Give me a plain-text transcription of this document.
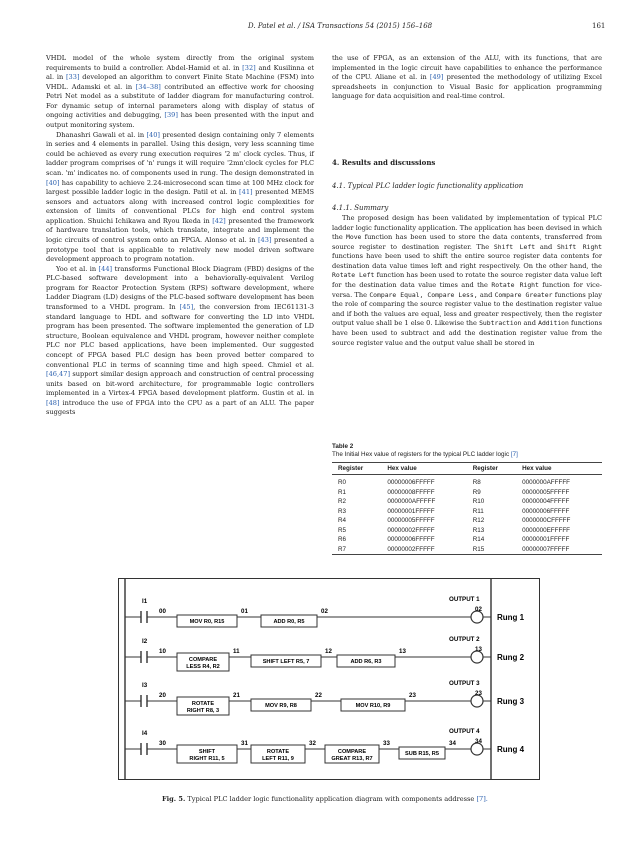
D. Patel et al. / ISA Transactions 54 (2015) 156–168	161

VHDL model of the whole system directly from the original system requirements to build a controller. Abdel-Hamid et al. in [32] and Kusilinna et al. in [33] developed an algorithm to convert Finite State Machine (FSM) into VHDL. Adamski et al. in [34–38] contributed an effective work for choosing Petri Net model as a substitute of ladder diagram for manufacturing control. For dynamic setup of internal parameters along with display of status of ongoing activities and debugging, [39] has been presented with the input and output monitoring system.

Dhanashri Gawali et al. in [40] presented design containing only 7 elements in series and 4 elements in parallel. Using this design, very less scanning time could be achieved as every rung execution requires '2 m' clock cycles. Thus, if ladder program comprises of 'n' rungs it will require '2mn'clock cycles for PLC scan. 'm' indicates no. of components used in rung. The design demonstrated in [40] has capability to achieve 2.24-microsecond scan time at 100 MHz clock for largest possible ladder logic in the design. Patil et al. in [41] presented MEMS sensors and actuators along with increased control logic complexities for extension of limits of conventional PLCs for high end control system application. Shuichi Ichikawa and Ryou Ikeda in [42] presented the framework of hardware translation tools, which translate, integrate and implement the logic circuits of control system onto an FPGA. Alonso et al. in [43] presented a prototype tool that is applicable to relatively new model driven software development approach to program notation.

Yoo et al. in [44] transforms Functional Block Diagram (FBD) designs of the PLC-based software development into a behaviorally-equivalent Verilog program for Reactor Protection System (RPS) software development, where Ladder Diagram (LD) designs of the PLC-based software development has been transformed to a VHDL program. In [45], the conversion from IEC61131-3 standard language to HDL and software for converting the LD into VHDL program has been presented. The software implemented the generation of LD structure, Boolean equivalence and VHDL program, however neither complete PLC nor PLC based applications, have been implemented. Our suggested concept of FPGA based PLC design has been proved better compared to conventional PLC in terms of scanning time and high speed. Chmiel et al. [46,47] support similar design approach and construction of central processing units based on bit-word architecture, for programmable logic controllers implemented in a Virtex-4 FPGA based development platform. Gustin et al. in [48] introduce the use of FPGA into the CPU as a part of an ALU. The paper suggests

the use of FPGA, as an extension of the ALU, with its functions, that are implemented in the logic circuit have capabilities to enhance the performance of the CPU. Aliane et al. in [49] presented the methodology of utilizing Excel spreadsheets in conjunction to Visual Basic for application programming language for data acquisition and real-time control.

4. Results and discussions
4.1. Typical PLC ladder logic functionality application
4.1.1. Summary

The proposed design has been validated by implementation of typical PLC ladder logic functionality application. The application has been devised in which the Move function has been used to store the data contents, transferred from source register to destination register. The Shift Left and Shift Right functions have been used to shift the entire source register data contents for destination data value times left and right respectively. On the other hand, the Rotate Left function has been used to rotate the source register data value left for the destination data value times and the Rotate Right function for vice-versa. The Compare Equal, Compare Less, and Compare Greater functions play the role of comparing the source register value to the destination register value and if both the values are equal, less and greater respectively, then the register output value shall be 1 else 0. Likewise the Subtraction and Addition functions have been used to subtract and add the destination register value from the source register value and the output value shall be stored in

Table 2
The Initial Hex value of registers for the typical PLC ladder logic [7]
Register	Hex value	Register	Hex value
R0	00000006FFFFF	R8	0000000AFFFFF
R1	00000008FFFFF	R9	00000005FFFFF
R2	0000000AFFFFF	R10	00000004FFFFF
R3	00000001FFFFF	R11	00000006FFFFF
R4	00000005FFFFF	R12	0000000CFFFFF
R5	00000002FFFFF	R13	0000000EFFFFF
R6	00000006FFFFF	R14	00000001FFFFF
R7	00000002FFFFF	R15	00000007FFFFF
I1
00
MOV R0, R15
01
ADD R0, R5
02
OUTPUT 1
02
Rung 1
I2
10
COMPARE
LESS R4, R2
11
SHIFT LEFT R5, 7
12
ADD R6, R3
13
OUTPUT 2
13
Rung 2
I3
20
ROTATE
RIGHT R8, 3
21
MOV R9, R8
22
MOV R10, R9
23
OUTPUT 3
23
Rung 3
I4
30
SHIFT
RIGHT R11, 5
31
ROTATE
LEFT R11, 9
32
COMPARE
GREAT R13, R7
33
SUB R15, R5
34
OUTPUT 4
34
Rung 4
Fig. 5. Typical PLC ladder logic functionality application diagram with components addresse [7].
